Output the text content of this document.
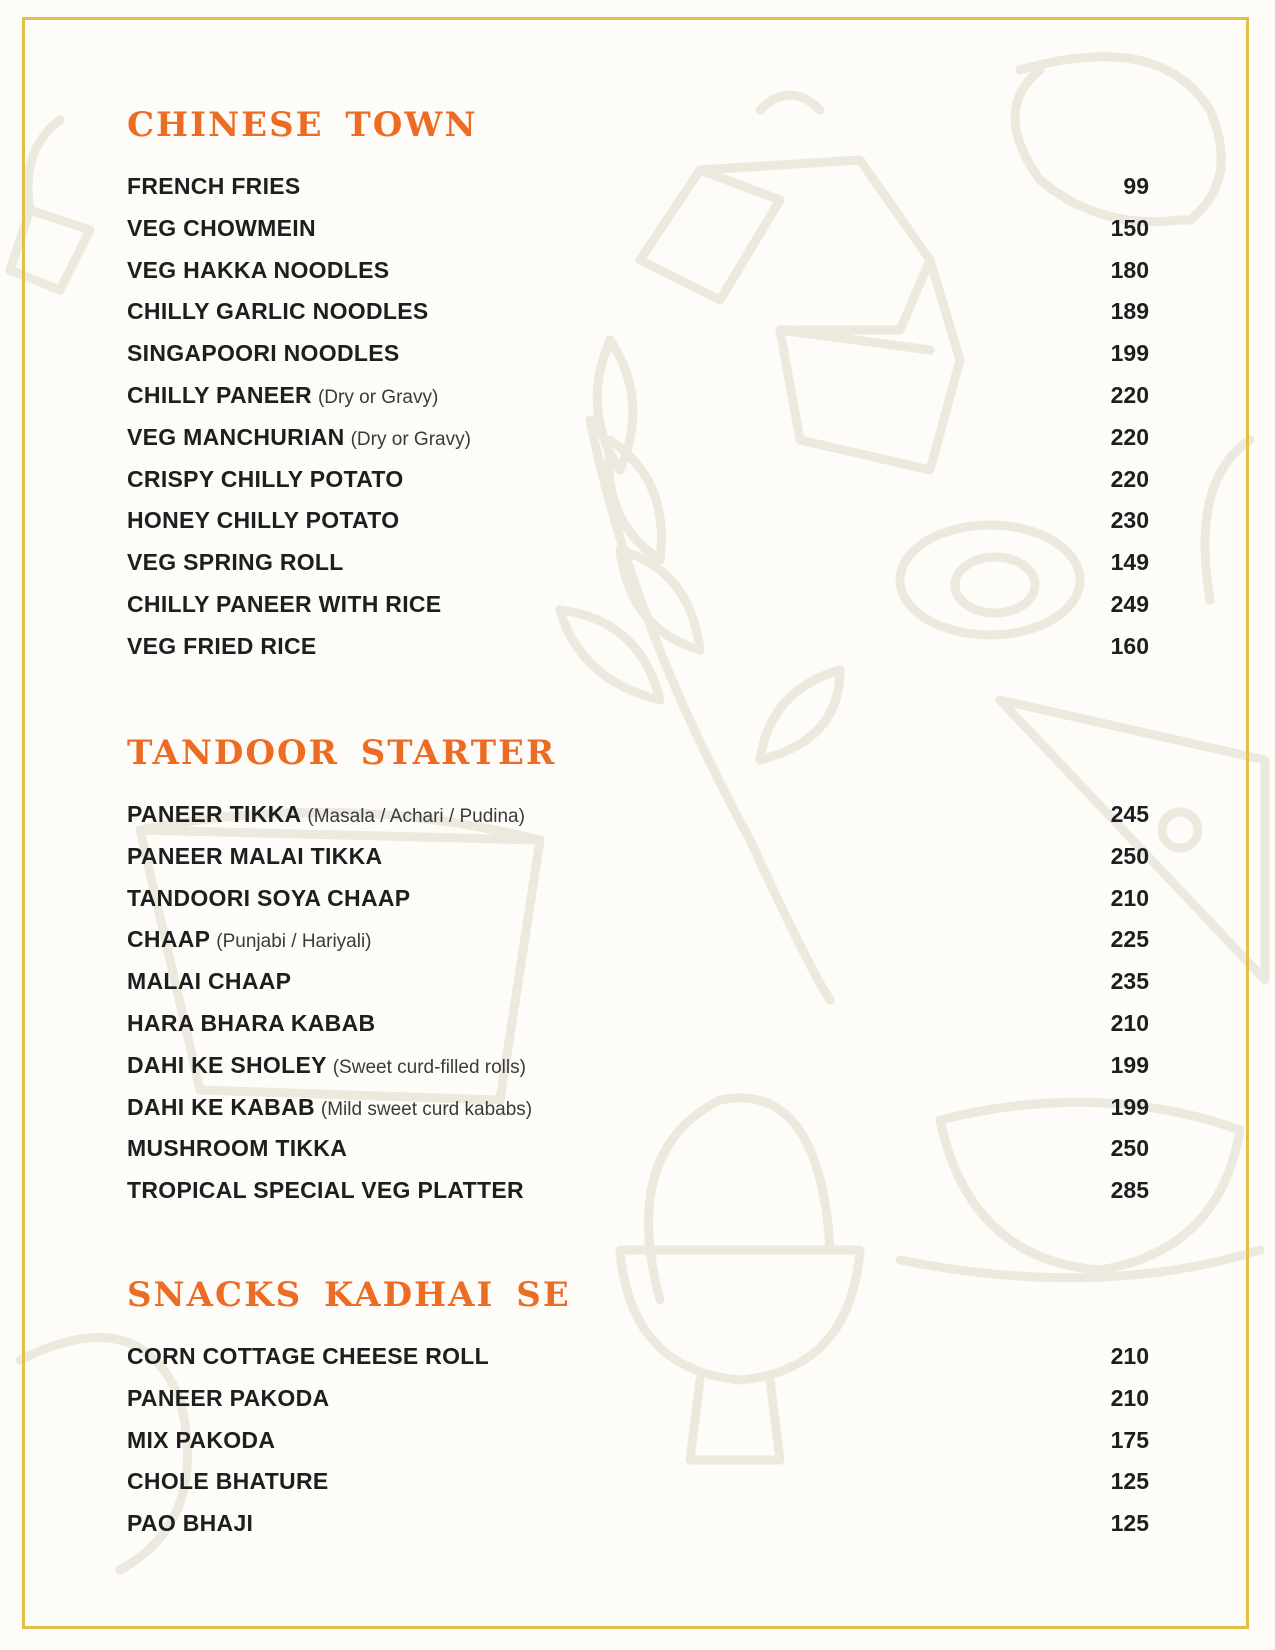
CHINESE TOWN
FRENCH FRIES	99
VEG CHOWMEIN	150
VEG HAKKA NOODLES	180
CHILLY GARLIC NOODLES	189
SINGAPOORI NOODLES	199
CHILLY PANEER (Dry or Gravy)	220
VEG MANCHURIAN (Dry or Gravy)	220
CRISPY CHILLY POTATO	220
HONEY CHILLY POTATO	230
VEG SPRING ROLL	149
CHILLY PANEER WITH RICE	249
VEG FRIED RICE	160
TANDOOR STARTER
PANEER TIKKA (Masala / Achari / Pudina)	245
PANEER MALAI TIKKA	250
TANDOORI SOYA CHAAP	210
CHAAP (Punjabi / Hariyali)	225
MALAI CHAAP	235
HARA BHARA KABAB	210
DAHI KE SHOLEY (Sweet curd-filled rolls)	199
DAHI KE KABAB (Mild sweet curd kababs)	199
MUSHROOM TIKKA	250
TROPICAL SPECIAL VEG PLATTER	285
SNACKS KADHAI SE
CORN COTTAGE CHEESE ROLL	210
PANEER PAKODA	210
MIX PAKODA	175
CHOLE BHATURE	125
PAO BHAJI	125
